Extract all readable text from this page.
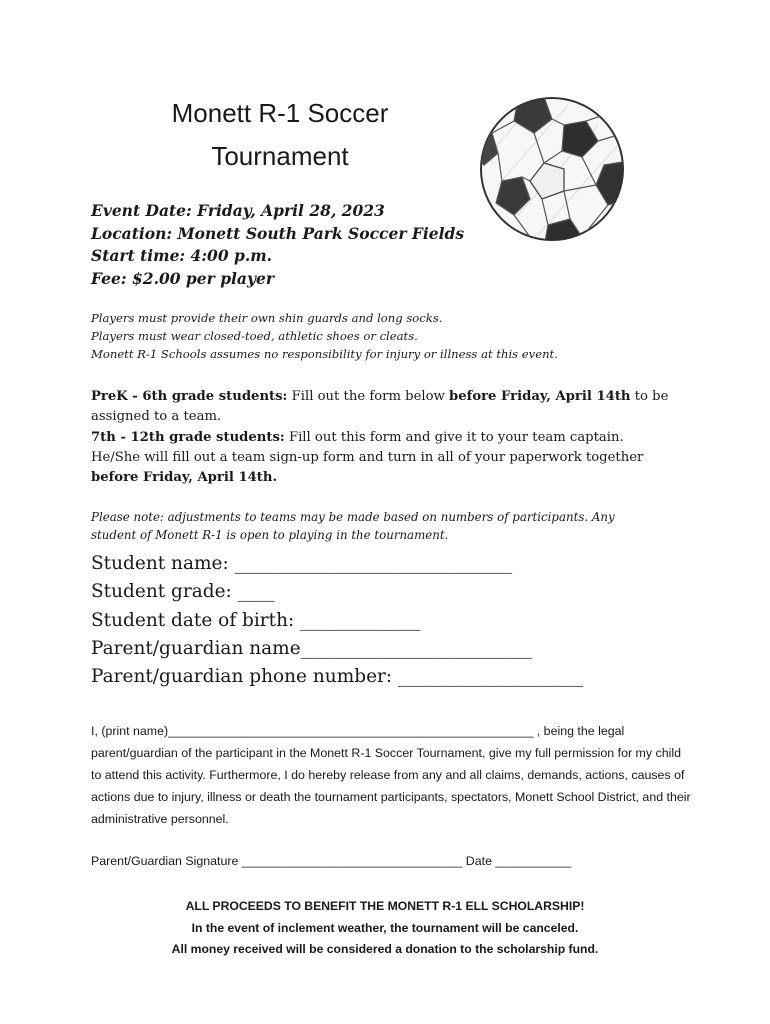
Monett R-1 Soccer
Tournament
Event Date: Friday, April 28, 2023
Location: Monett South Park Soccer Fields
Start time: 4:00 p.m.
Fee: $2.00 per player
Players must provide their own shin guards and long socks.
Players must wear closed-toed, athletic shoes or cleats.
Monett R-1 Schools assumes no responsibility for injury or illness at this event.

PreK - 6th grade students: Fill out the form below before Friday, April 14th to be assigned to a team.

7th - 12th grade students: Fill out this form and give it to your team captain. He/She will fill out a team sign-up form and turn in all of your paperwork together before Friday, April 14th.

Please note: adjustments to teams may be made based on numbers of participants. Any student of Monett R-1 is open to playing in the tournament.
Student name: ______________________________
Student grade: ____
Student date of birth: _____________
Parent/guardian name_________________________
Parent/guardian phone number: ____________________

I, (print name)_____________________________________________________ , being the legal parent/guardian of the participant in the Monett R-1 Soccer Tournament, give my full permission for my child to attend this activity. Furthermore, I do hereby release from any and all claims, demands, actions, causes of actions due to injury, illness or death the tournament participants, spectators, Monett School District, and their administrative personnel.

Parent/Guardian Signature ________________________________ Date ___________
ALL PROCEEDS TO BENEFIT THE MONETT R-1 ELL SCHOLARSHIP!
In the event of inclement weather, the tournament will be canceled.
All money received will be considered a donation to the scholarship fund.
